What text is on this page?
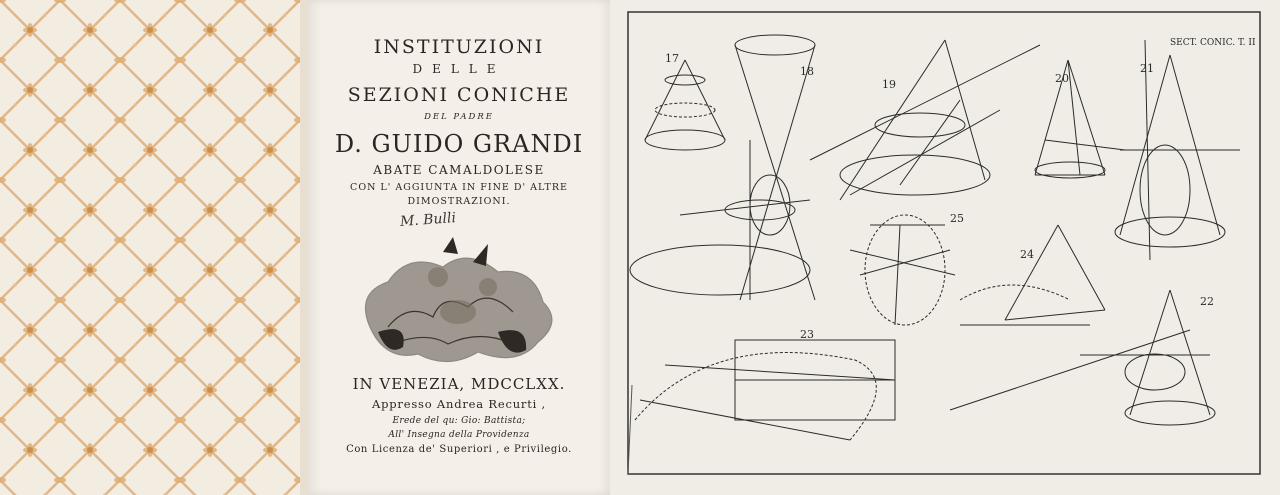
INSTITUZIONI
DELLE
SEZIONI CONICHE
DEL PADRE
D. GUIDO GRANDI
ABATE CAMALDOLESE
CON L' AGGIUNTA IN FINE D' ALTRE
DIMOSTRAZIONI.
M. Bulli
IN VENEZIA, MDCCLXX.
Appresso Andrea Recurti ,
Erede del qu: Gio: Battista;
All' Insegna della Providenza
Con Licenza de' Superiori , e Privilegio.
SECT. CONIC. T. II
17
18
19	20
21
22
23
24
25
